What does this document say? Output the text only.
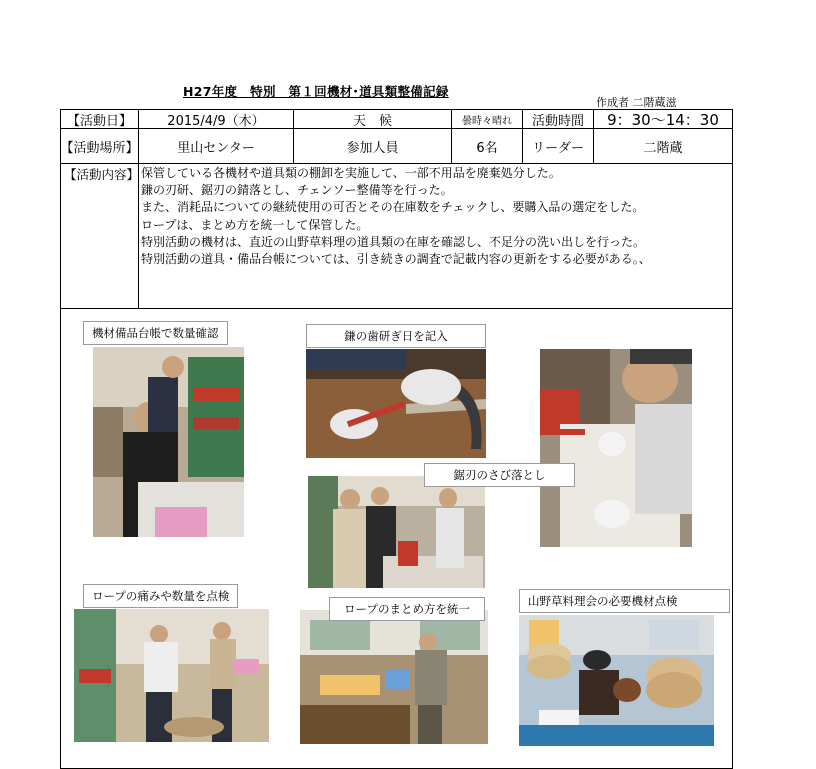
H27年度　特別　第１回機材･道具類整備記録
作成者 二階蔵滋
【活動日】	2015/4/9（木）	天　候	曇時々晴れ	活動時間	9：30～14：30
【活動場所】	里山センター	参加人員	6名	リーダー	二階蔵
【活動内容】 保管している各機材や道具類の棚卸を実施して、一部不用品を廃棄処分した。
鎌の刃研、鋸刃の錆落とし、チェンソー整備等を行った。
また、消耗品についての継続使用の可否とその在庫数をチェックし、要購入品の選定をした。
ロープは、まとめ方を統一して保管した。
特別活動の機材は、直近の山野草料理の道具類の在庫を確認し、不足分の洗い出しを行った。
特別活動の道具・備品台帳については、引き続きの調査で記載内容の更新をする必要がある。、
機材備品台帳で数量確認	鎌の歯研ぎ日を記入
鋸刃のさび落とし
ロープの痛みや数量を点検
ロープのまとめ方を統一
山野草料理会の必要機材点検
